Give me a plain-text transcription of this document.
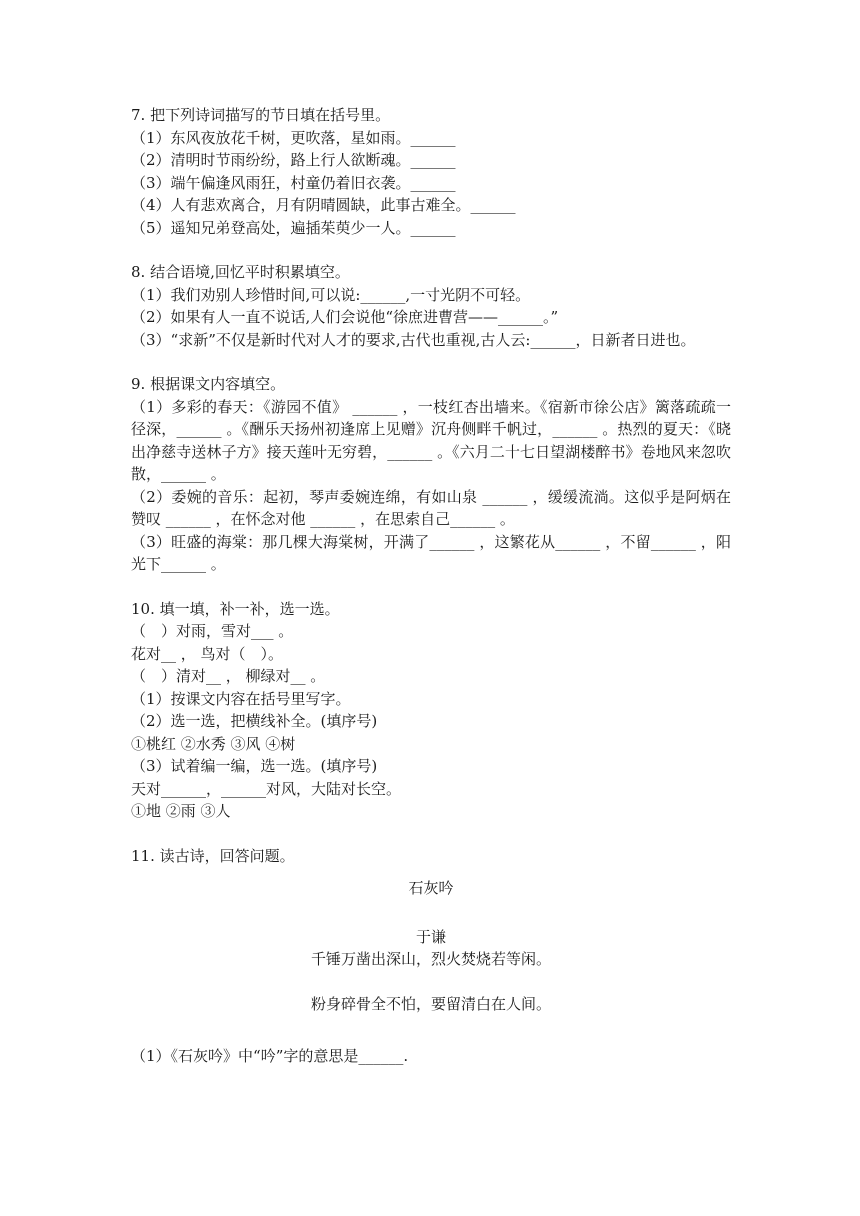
7. 把下列诗词描写的节日填在括号里。
（1）东风夜放花千树，更吹落，星如雨。______
（2）清明时节雨纷纷，路上行人欲断魂。______
（3）端午偏逢风雨狂，村童仍着旧衣袭。______
（4）人有悲欢离合，月有阴晴圆缺，此事古难全。______
（5）遥知兄弟登高处，遍插茱萸少一人。______
8. 结合语境,回忆平时积累填空。
（1）我们劝别人珍惜时间,可以说:______,一寸光阴不可轻。
（2）如果有人一直不说话,人们会说他“徐庶进曹营——______。”
（3）“求新”不仅是新时代对人才的要求,古代也重视,古人云:______，日新者日进也。
9. 根据课文内容填空。
（1）多彩的春天：《游园不值》 ______ ，一枝红杏出墙来。《宿新市徐公店》篱落疏疏一径深，______ 。《酬乐天扬州初逢席上见赠》沉舟侧畔千帆过，______ 。热烈的夏天：《晓出净慈寺送林子方》接天莲叶无穷碧，______ 。《六月二十七日望湖楼醉书》卷地风来忽吹散，______ 。
（2）委婉的音乐：起初，琴声委婉连绵，有如山泉 ______ ，缓缓流淌。这似乎是阿炳在赞叹 ______ ，在怀念对他 ______ ，在思索自己______ 。
（3）旺盛的海棠：那几棵大海棠树，开满了______ ，这繁花从______ ，不留______ ，阳光下______ 。
10. 填一填，补一补，选一选。
（　）对雨，雪对___ 。
花对__ ， 鸟对（　）。
（　）清对__ ， 柳绿对__ 。
（1）按课文内容在括号里写字。
（2）选一选，把横线补全。(填序号)
①桃红 ②水秀 ③风 ④树
（3）试着编一编，选一选。(填序号)
天对______，______对风，大陆对长空。
①地 ②雨 ③人
11. 读古诗，回答问题。
石灰吟
于谦
千锤万凿出深山，烈火焚烧若等闲。
粉身碎骨全不怕，要留清白在人间。
（1）《石灰吟》中“吟”字的意思是______.
